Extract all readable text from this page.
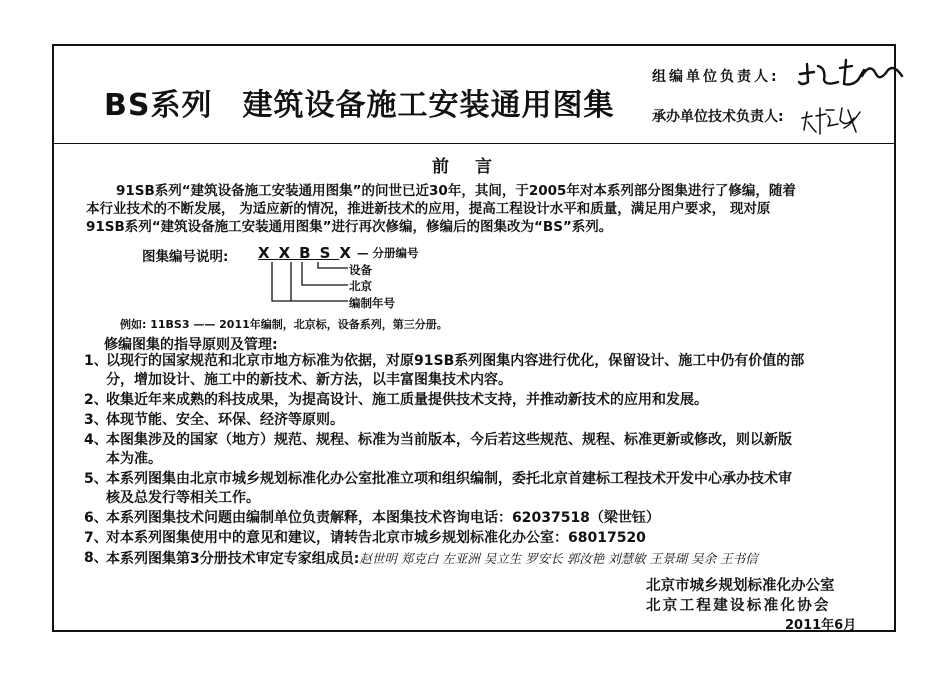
BS系列 建筑设备施工安装通用图集
组编单位负责人:
承办单位技术负责人:
前言
91SB系列“建筑设备施工安装通用图集”的问世已近30年，其间，于2005年对本系列部分图集进行了修编，随着
本行业技术的不断发展， 为适应新的情况，推进新技术的应用，提高工程设计水平和质量，满足用户要求， 现对原
91SB系列“建筑设备施工安装通用图集”进行再次修编，修编后的图集改为“BS”系列。
图集编号说明: XXBSX
— 分册编号
设备
北京
编制年号
例如: 11BS3 —— 2011年编制，北京标，设备系列，第三分册。
修编图集的指导原则及管理:
1、
以现行的国家规范和北京市地方标准为依据，对原91SB系列图集内容进行优化，保留设计、施工中仍有价值的部
分，增加设计、施工中的新技术、新方法，以丰富图集技术内容。
2、
收集近年来成熟的科技成果，为提高设计、施工质量提供技术支持，并推动新技术的应用和发展。
3、
体现节能、安全、环保、经济等原则。
4、
本图集涉及的国家（地方）规范、规程、标准为当前版本，今后若这些规范、规程、标准更新或修改，则以新版
本为准。
5、
本系列图集由北京市城乡规划标准化办公室批准立项和组织编制，委托北京首建标工程技术开发中心承办技术审
核及总发行等相关工作。
6、
本系列图集技术问题由编制单位负责解释，本图集技术咨询电话：62037518（梁世钰）
7、
对本系列图集使用中的意见和建议，请转告北京市城乡规划标准化办公室：68017520
8、
本系列图集第3分册技术审定专家组成员:赵世明 郑克白 左亚洲 吴立生 罗安长 郭汝艳 刘慧敏 王景瑚 吴余 王书信
北京市城乡规划标准化办公室
北京工程建设标准化协会
2011年6月
